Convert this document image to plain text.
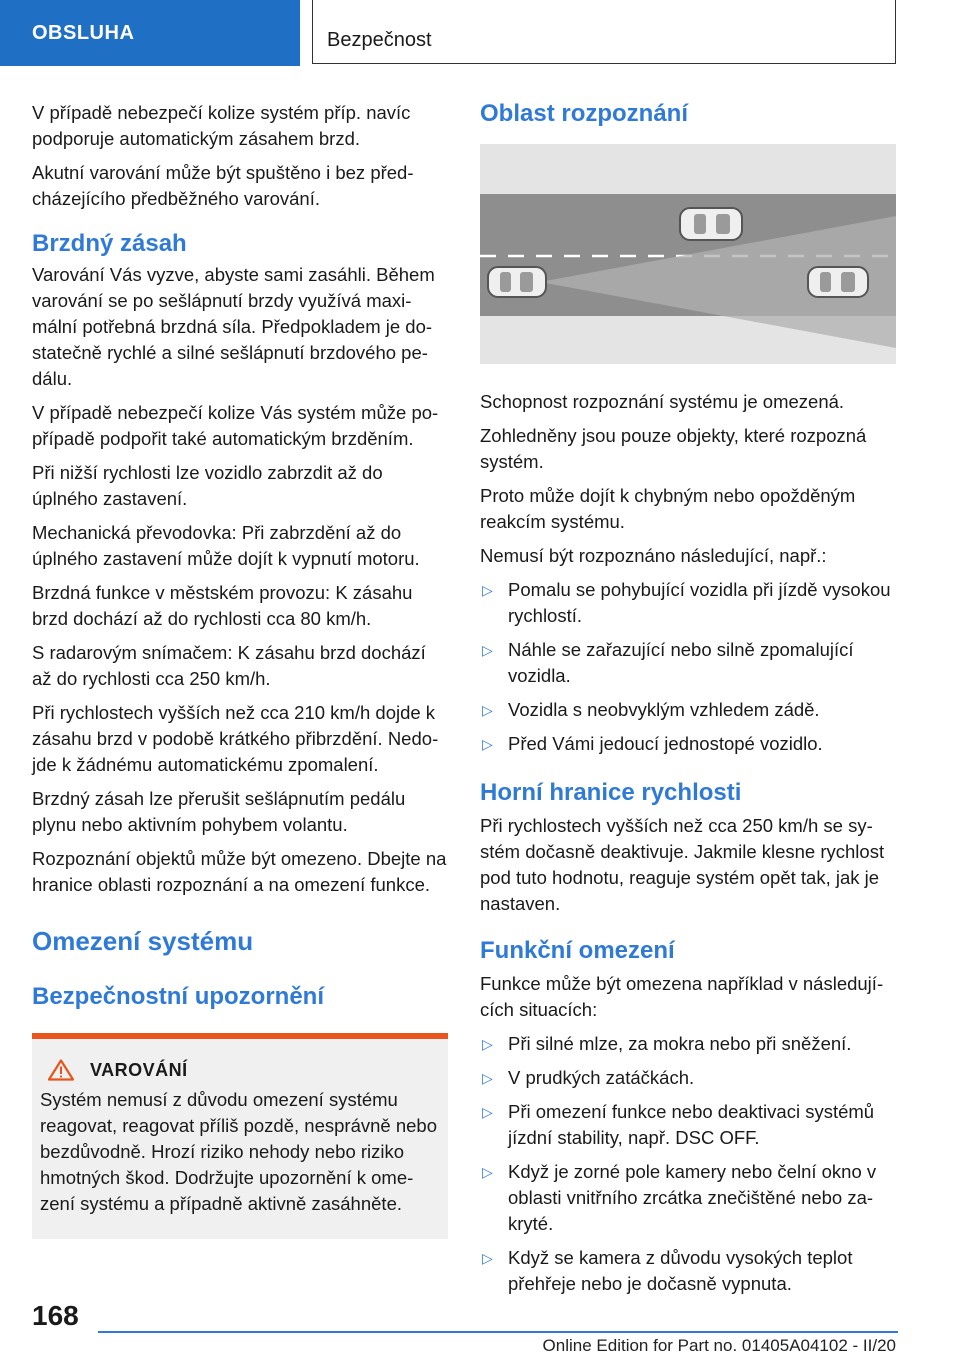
OBSLUHA	Bezpečnost

V případě nebezpečí kolize systém příp. navíc podporuje automatickým zásahem brzd.

Akutní varování může být spuštěno i bez předcházejícího předběžného varování.

Brzdný zásah

Varování Vás vyzve, abyste sami zasáhli. Během varování se po sešlápnutí brzdy využívá maximální potřebná brzdná síla. Předpokladem je dostatečně rychlé a silné sešlápnutí brzdového pedálu.

V případě nebezpečí kolize Vás systém může popřípadě podpořit také automatickým brzděním.

Při nižší rychlosti lze vozidlo zabrzdit až do úplného zastavení.

Mechanická převodovka: Při zabrzdění až do úplného zastavení může dojít k vypnutí motoru.

Brzdná funkce v městském provozu: K zásahu brzd dochází až do rychlosti cca 80 km/h.

S radarovým snímačem: K zásahu brzd dochází až do rychlosti cca 250 km/h.

Při rychlostech vyšších než cca 210 km/h dojde k zásahu brzd v podobě krátkého přibrzdění. Nedojde k žádnému automatickému zpomalení.

Brzdný zásah lze přerušit sešlápnutím pedálu plynu nebo aktivním pohybem volantu.

Rozpoznání objektů může být omezeno. Dbejte na hranice oblasti rozpoznání a na omezení funkce.

Omezení systému
Bezpečnostní upozornění
VAROVÁNÍ
Systém nemusí z důvodu omezení systému reagovat, reagovat příliš pozdě, nesprávně nebo bezdůvodně. Hrozí riziko nehody nebo riziko hmotných škod. Dodržujte upozornění k omezení systému a případně aktivně zasáhněte.
Oblast rozpoznání

Schopnost rozpoznání systému je omezená.

Zohledněny jsou pouze objekty, které rozpozná systém.

Proto může dojít k chybným nebo opožděným reakcím systému.

Nemusí být rozpoznáno následující, např.:

▷ Pomalu se pohybující vozidla při jízdě vysokou rychlostí.
▷ Náhle se zařazující nebo silně zpomalující vozidla.
▷ Vozidla s neobvyklým vzhledem zádě.
▷ Před Vámi jedoucí jednostopé vozidlo.
Horní hranice rychlosti

Při rychlostech vyšších než cca 250 km/h se systém dočasně deaktivuje. Jakmile klesne rychlost pod tuto hodnotu, reaguje systém opět tak, jak je nastaven.

Funkční omezení

Funkce může být omezena například v následujících situacích:

▷ Při silné mlze, za mokra nebo při sněžení.
▷ V prudkých zatáčkách.
▷ Při omezení funkce nebo deaktivaci systémů jízdní stability, např. DSC OFF.
▷ Když je zorné pole kamery nebo čelní okno v oblasti vnitřního zrcátka znečištěné nebo zakryté.
▷ Když se kamera z důvodu vysokých teplot přehřeje nebo je dočasně vypnuta.
168
Online Edition for Part no. 01405A04102 - II/20
